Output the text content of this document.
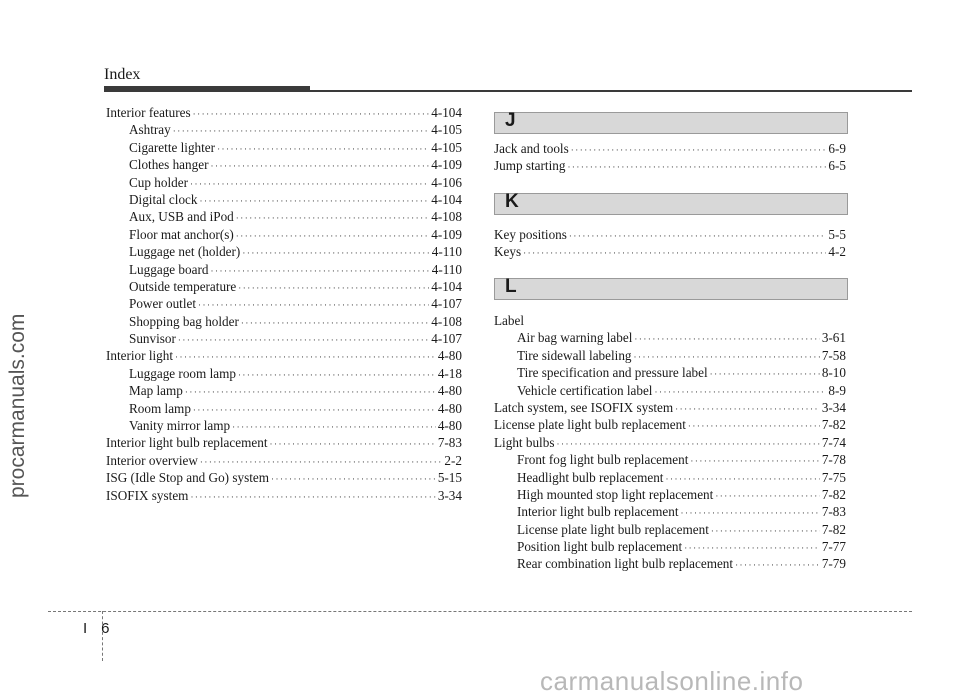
Index
procarmanuals.com
Interior features ·····	4-104
Ashtray ·····	4-105
Cigarette lighter ·····	4-105
Clothes hanger ·····	4-109
Cup holder ·····	4-106
Digital clock ·····	4-104
Aux, USB and iPod ·····	4-108
Floor mat anchor(s) ·····	4-109
Luggage net (holder) ·····	4-110
Luggage board ·····	4-110
Outside temperature ·····	4-104
Power outlet ·····	4-107
Shopping bag holder ·····	4-108
Sunvisor ·····	4-107
Interior light ·····	4-80
Luggage room lamp ·····	4-18
Map lamp ·····	4-80
Room lamp ·····	4-80
Vanity mirror lamp ·····	4-80
Interior light bulb replacement ·····	7-83
Interior overview ·····	2-2
ISG (Idle Stop and Go) system ·····	5-15
ISOFIX system ·····	3-34
J
Jack and tools ·····	6-9
Jump starting ·····	6-5
K
Key positions ·····	5-5
Keys ·····	4-2
L
Label
Air bag warning label ·····	3-61
Tire sidewall labeling ·····	7-58
Tire specification and pressure label ·····	8-10
Vehicle certification label ·····	8-9
Latch system, see ISOFIX system ·····	3-34
License plate light bulb replacement ·····	7-82
Light bulbs ·····	7-74
Front fog light bulb replacement ·····	7-78
Headlight bulb replacement ·····	7-75
High mounted stop light replacement ·····	7-82
Interior light bulb replacement ·····	7-83
License plate light bulb replacement ·····	7-82
Position light bulb replacement ·····	7-77
Rear combination light bulb replacement ·····	7-79
I 6
carmanualsonline.info
